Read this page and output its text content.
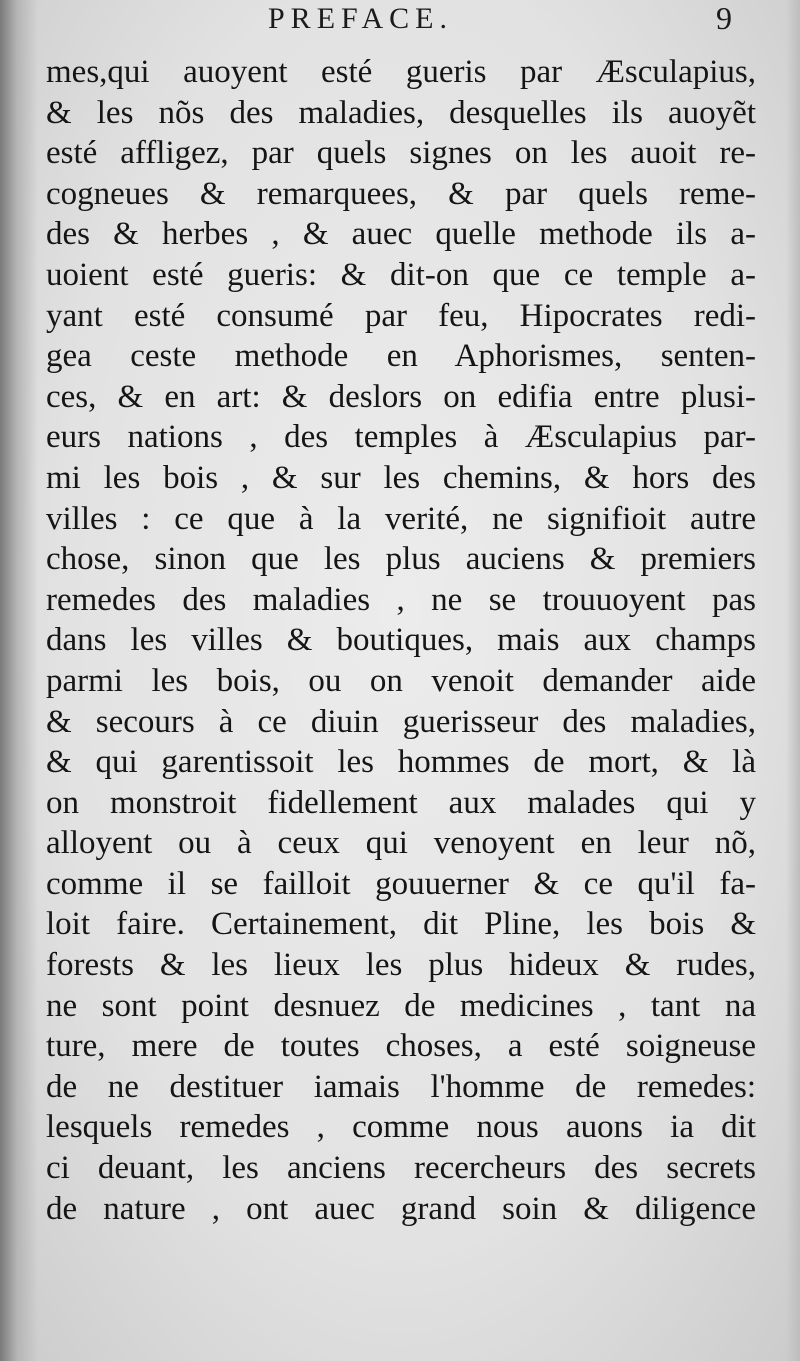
PREFACE.	9
mes,qui auoyent esté gueris par Æsculapius,
& les nõs des maladies, desquelles ils auoyẽt
esté affligez, par quels signes on les auoit re-
cogneues & remarquees, & par quels reme-
des & herbes , & auec quelle methode ils a-
uoient esté gueris: & dit-on que ce temple a-
yant esté consumé par feu, Hipocrates redi-
gea ceste methode en Aphorismes, senten-
ces, & en art: & deslors on edifia entre plusi-
eurs nations , des temples à Æsculapius par-
mi les bois , & sur les chemins, & hors des
villes : ce que à la verité, ne signifioit autre
chose, sinon que les plus auciens & premiers
remedes des maladies , ne se trouuoyent pas
dans les villes & boutiques, mais aux champs
parmi les bois, ou on venoit demander aide
& secours à ce diuin guerisseur des maladies,
& qui garentissoit les hommes de mort, & là
on monstroit fidellement aux malades qui y
alloyent ou à ceux qui venoyent en leur nõ,
comme il se failloit gouuerner & ce qu'il fa-
loit faire. Certainement, dit Pline, les bois &
forests & les lieux les plus hideux & rudes,
ne sont point desnuez de medicines , tant na
ture, mere de toutes choses, a esté soigneuse
de ne destituer iamais l'homme de remedes:
lesquels remedes , comme nous auons ia dit
ci deuant, les anciens recercheurs des secrets
de nature , ont auec grand soin & diligence
